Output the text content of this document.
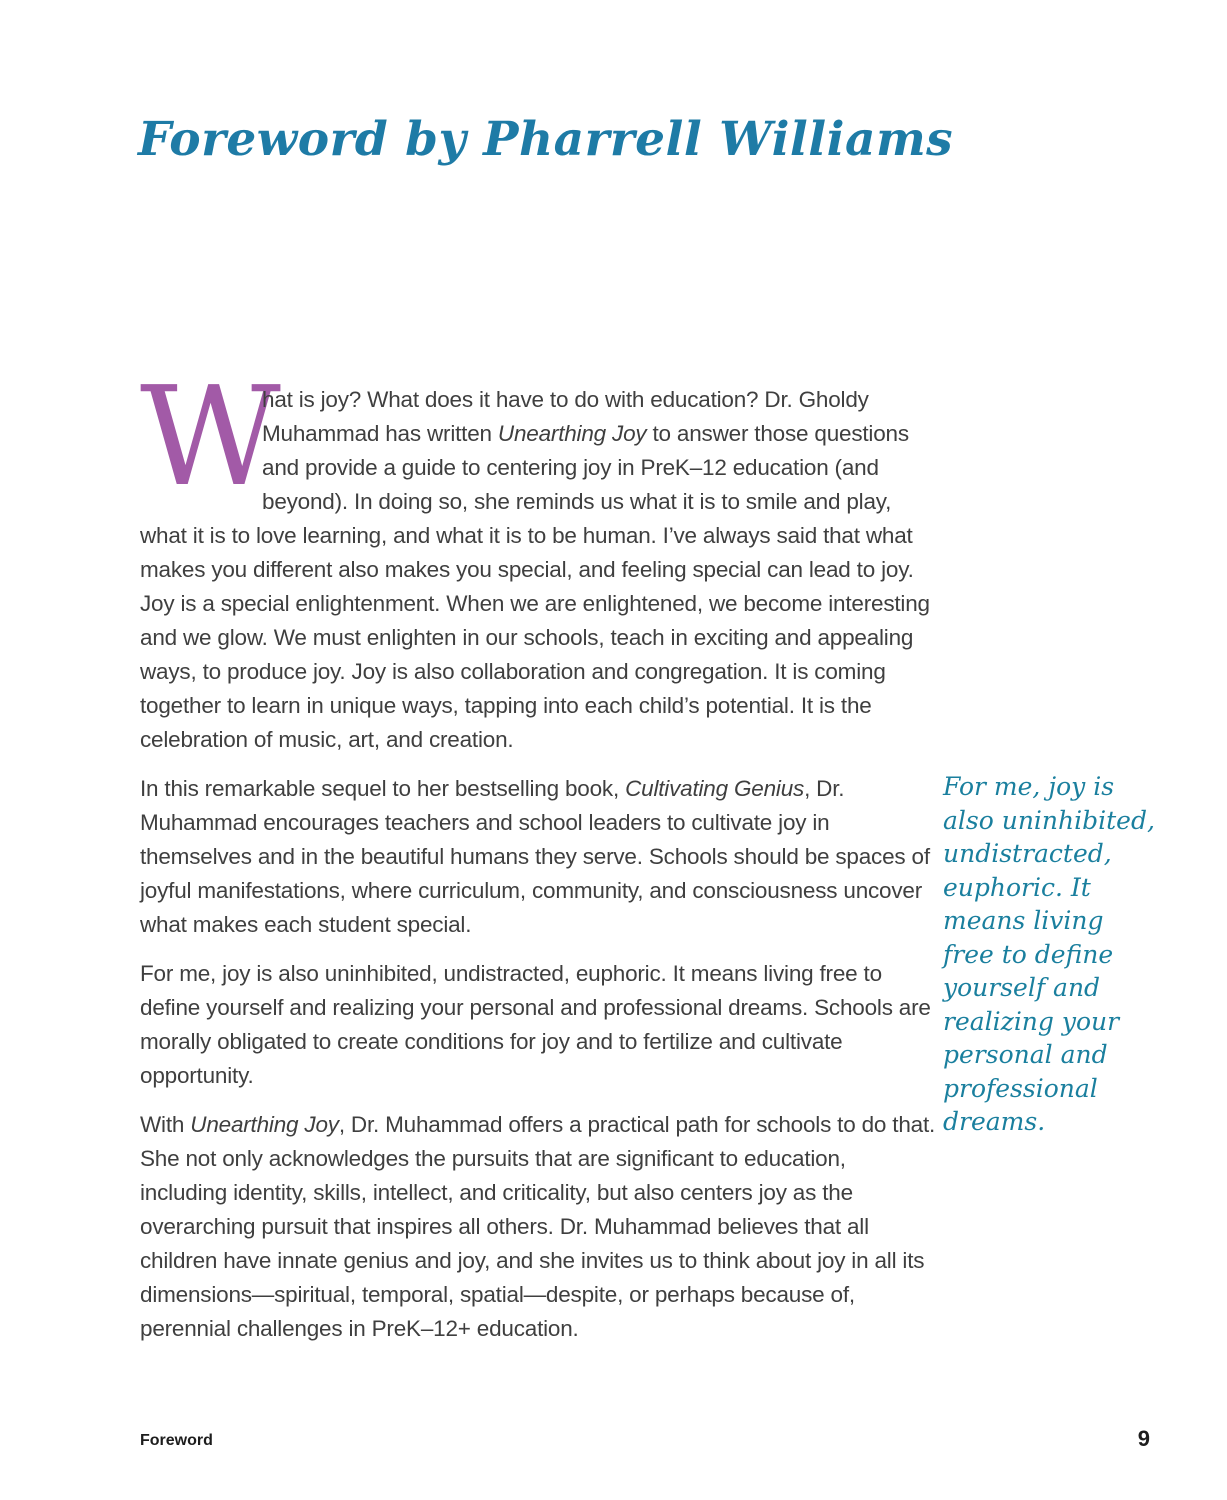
Foreword by Pharrell Williams

W
hat is joy? What does it have to do with education? Dr. Gholdy Muhammad has written Unearthing Joy to answer those questions and provide a guide to centering joy in PreK–12 education (and beyond). In doing so, she reminds us what it is to smile and play, what it is to love learning, and what it is to be human. I’ve always said that what makes you different also makes you special, and feeling special can lead to joy. Joy is a special enlightenment. When we are enlightened, we become interesting and we glow. We must enlighten in our schools, teach in exciting and appealing ways, to produce joy. Joy is also collaboration and congregation. It is coming together to learn in unique ways, tapping into each child’s potential. It is the celebration of music, art, and creation.

In this remarkable sequel to her bestselling book, Cultivating Genius, Dr. Muhammad encourages teachers and school leaders to cultivate joy in themselves and in the beautiful humans they serve. Schools should be spaces of joyful manifestations, where curriculum, community, and consciousness uncover what makes each student special.

For me, joy is also uninhibited, undistracted, euphoric. It means living free to define yourself and realizing your personal and professional dreams. Schools are morally obligated to create conditions for joy and to fertilize and cultivate opportunity.

With Unearthing Joy, Dr. Muhammad offers a practical path for schools to do that. She not only acknowledges the pursuits that are significant to education, including identity, skills, intellect, and criticality, but also centers joy as the overarching pursuit that inspires all others. Dr. Muhammad believes that all children have innate genius and joy, and she invites us to think about joy in all its dimensions—spiritual, temporal, spatial—despite, or perhaps because of, perennial challenges in PreK–12+ education.

For me, joy is also uninhibited, undistracted, euphoric. It means living free to define yourself and realizing your personal and professional dreams.
Foreword	9
